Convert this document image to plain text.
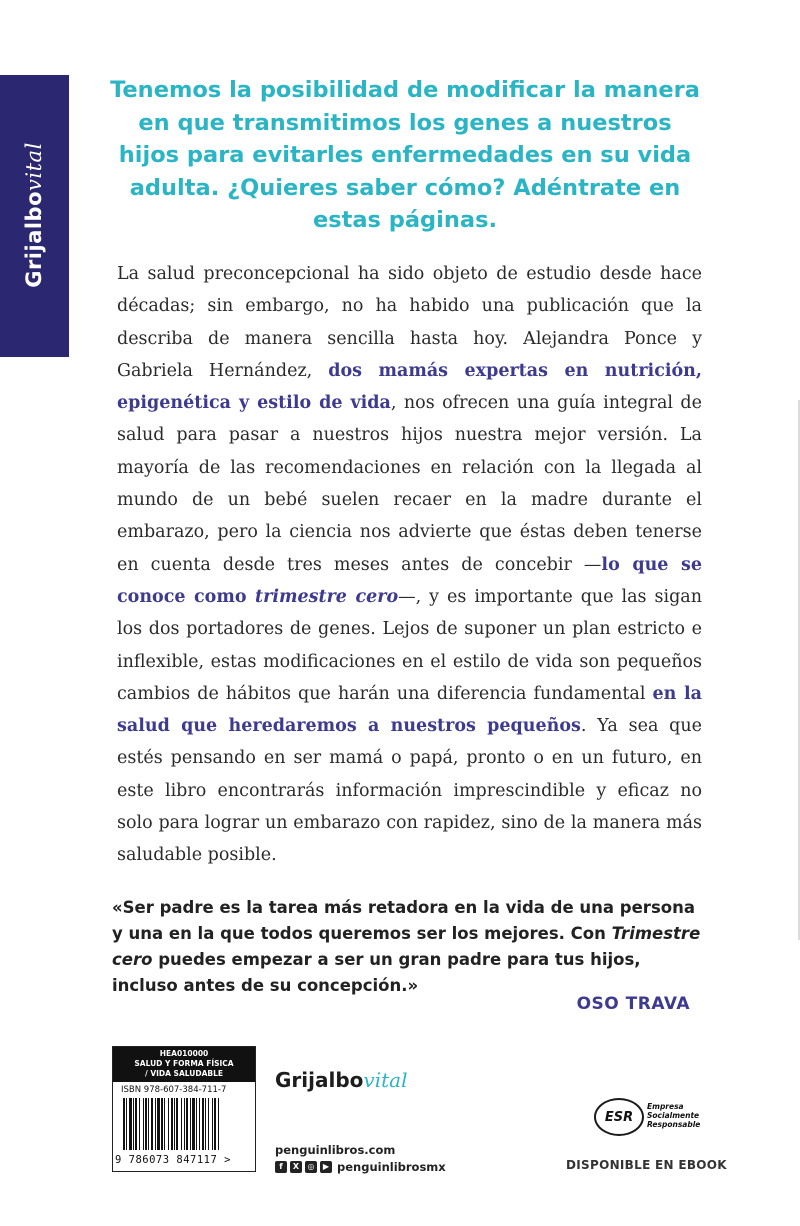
Grijalbovital

Tenemos la posibilidad de modificar la manera en que transmitimos los genes a nuestros hijos para evitarles enfermedades en su vida adulta. ¿Quieres saber cómo? Adéntrate en estas páginas.

La salud preconcepcional ha sido objeto de estudio desde hace décadas; sin embargo, no ha habido una publicación que la describa de manera sencilla hasta hoy. Alejandra Ponce y Gabriela Hernández, dos mamás expertas en nutrición, epigenética y estilo de vida, nos ofrecen una guía integral de salud para pasar a nuestros hijos nuestra mejor versión. La mayoría de las recomendaciones en relación con la llegada al mundo de un bebé suelen recaer en la madre durante el embarazo, pero la ciencia nos advierte que éstas deben tenerse en cuenta desde tres meses antes de concebir —lo que se conoce como trimestre cero—, y es importante que las sigan los dos portadores de genes. Lejos de suponer un plan estricto e inflexible, estas modificaciones en el estilo de vida son pequeños cambios de hábitos que harán una diferencia fundamental en la salud que heredaremos a nuestros pequeños. Ya sea que estés pensando en ser mamá o papá, pronto o en un futuro, en este libro encontrarás información imprescindible y eficaz no solo para lograr un embarazo con rapidez, sino de la manera más saludable posible.

«Ser padre es la tarea más retadora en la vida de una persona y una en la que todos queremos ser los mejores. Con Trimestre cero puedes empezar a ser un gran padre para tus hijos, incluso antes de su concepción.»

OSO TRAVA
HEA010000
SALUD Y FORMA FÍSICA
/ VIDA SALUDABLE
ISBN 978-607-384-711-7
9 786073 847117 >
Grijalbovital
penguinlibros.com
f	X	◎	▶ penguinlibrosmx
ESR
Empresa
Socialmente
Responsable
DISPONIBLE EN EBOOK
